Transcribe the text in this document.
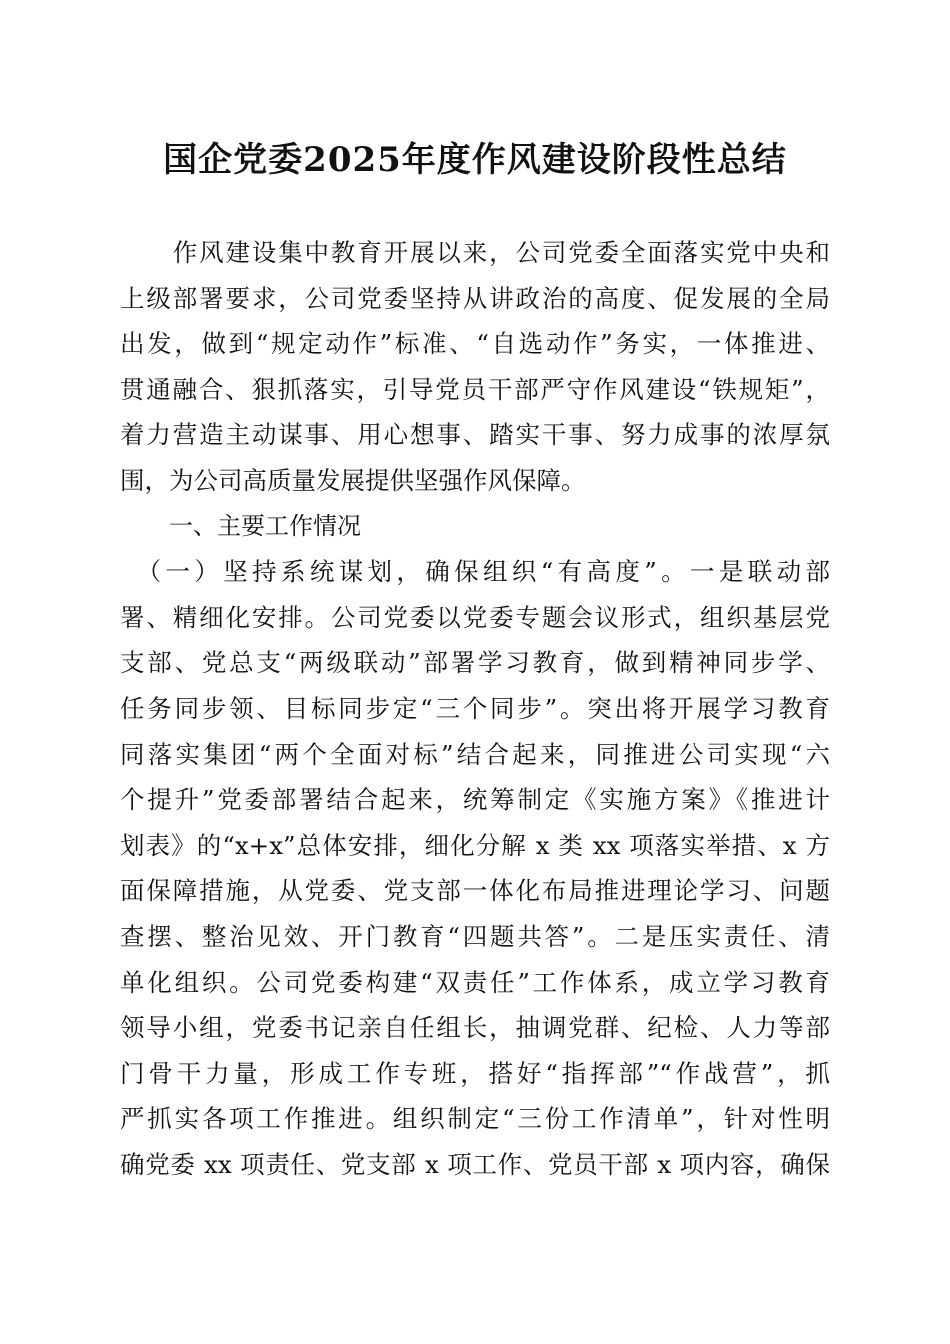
国企党委2025年度作风建设阶段性总结
　　作风建设集中教育开展以来，公司党委全面落实党中央和
上级部署要求，公司党委坚持从讲政治的高度、促发展的全局
出发，做到“规定动作”标准、“自选动作”务实，一体推进、
贯通融合、狠抓落实，引导党员干部严守作风建设“铁规矩”，
着力营造主动谋事、用心想事、踏实干事、努力成事的浓厚氛
围，为公司高质量发展提供坚强作风保障。
一、主要工作情况
　（一）坚持系统谋划，确保组织“有高度”。一是联动部
署、精细化安排。公司党委以党委专题会议形式，组织基层党
支部、党总支“两级联动”部署学习教育，做到精神同步学、
任务同步领、目标同步定“三个同步”。突出将开展学习教育
同落实集团“两个全面对标”结合起来，同推进公司实现“六
个提升”党委部署结合起来，统筹制定《实施方案》《推进计
划表》的“x+x”总体安排，细化分解 x 类 xx 项落实举措、x 方
面保障措施，从党委、党支部一体化布局推进理论学习、问题
查摆、整治见效、开门教育“四题共答”。二是压实责任、清
单化组织。公司党委构建“双责任”工作体系，成立学习教育
领导小组，党委书记亲自任组长，抽调党群、纪检、人力等部
门骨干力量，形成工作专班，搭好“指挥部”“作战营”，抓
严抓实各项工作推进。组织制定“三份工作清单”，针对性明
确党委 xx 项责任、党支部 x 项工作、党员干部 x 项内容，确保
